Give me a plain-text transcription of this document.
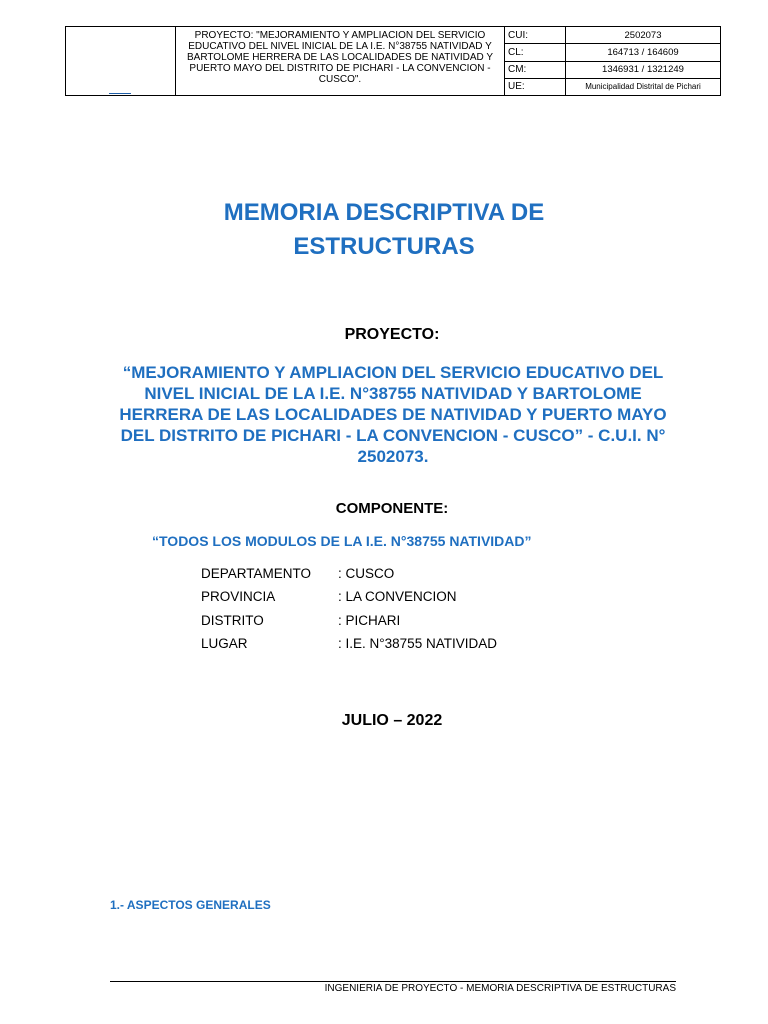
PROYECTO: "MEJORAMIENTO Y AMPLIACION DEL SERVICIO EDUCATIVO DEL NIVEL INICIAL DE LA I.E. N°38755 NATIVIDAD Y BARTOLOME HERRERA DE LAS LOCALIDADES DE NATIVIDAD Y PUERTO MAYO DEL DISTRITO DE PICHARI - LA CONVENCION - CUSCO".
CUI:	2502073
CL:	164713 / 164609
CM:	1346931 / 1321249
UE:	Municipalidad Distrital de Pichari
MEMORIA DESCRIPTIVA DE
ESTRUCTURAS
PROYECTO:
“MEJORAMIENTO Y AMPLIACION DEL SERVICIO EDUCATIVO DEL NIVEL INICIAL DE LA I.E. N°38755 NATIVIDAD Y BARTOLOME HERRERA DE LAS LOCALIDADES DE NATIVIDAD Y PUERTO MAYO DEL DISTRITO DE PICHARI - LA CONVENCION - CUSCO” - C.U.I. N° 2502073.
COMPONENTE:
“TODOS LOS MODULOS DE LA I.E. N°38755 NATIVIDAD”
DEPARTAMENTO	: CUSCO
PROVINCIA	: LA CONVENCION
DISTRITO	: PICHARI
LUGAR	: I.E. N°38755 NATIVIDAD
JULIO – 2022
1.- ASPECTOS GENERALES
INGENIERIA DE PROYECTO - MEMORIA DESCRIPTIVA DE ESTRUCTURAS
